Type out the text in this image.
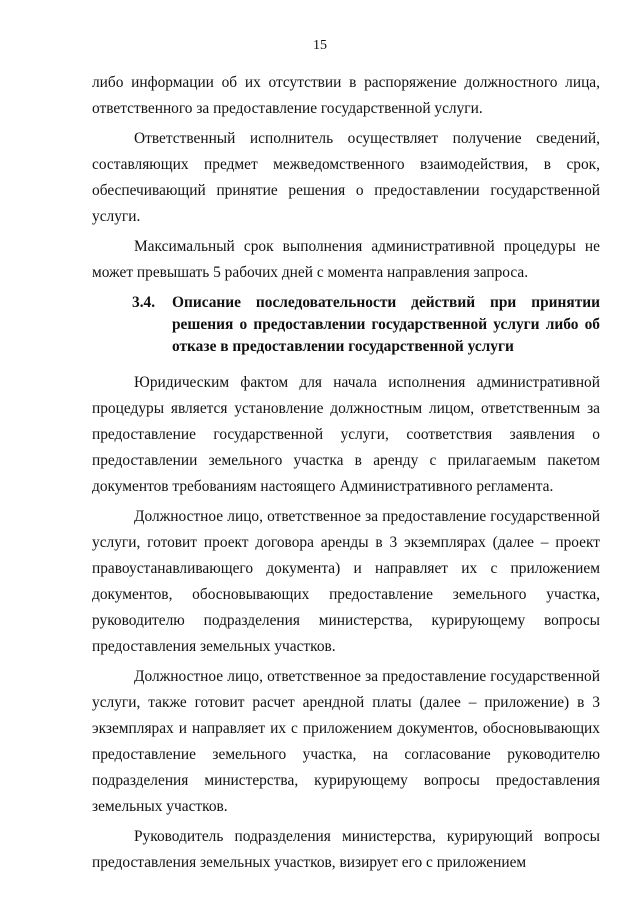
15

либо информации об их отсутствии в распоряжение должностного лица, ответственного за предоставление государственной услуги.

Ответственный исполнитель осуществляет получение сведений, составляющих предмет межведомственного взаимодействия, в срок, обеспечивающий принятие решения о предоставлении государственной услуги.

Максимальный срок выполнения административной процедуры не может превышать 5 рабочих дней с момента направления запроса.

3.4.	Описание последовательности действий при принятии решения о предоставлении государственной услуги либо об отказе в предоставлении государственной услуги

Юридическим фактом для начала исполнения административной процедуры является установление должностным лицом, ответственным за предоставление государственной услуги, соответствия заявления о предоставлении земельного участка в аренду с прилагаемым пакетом документов требованиям настоящего Административного регламента.

Должностное лицо, ответственное за предоставление государственной услуги, готовит проект договора аренды в 3 экземплярах (далее – проект правоустанавливающего документа) и направляет их с приложением документов, обосновывающих предоставление земельного участка, руководителю подразделения министерства, курирующему вопросы предоставления земельных участков.

Должностное лицо, ответственное за предоставление государственной услуги, также готовит расчет арендной платы (далее – приложение) в 3 экземплярах и направляет их с приложением документов, обосновывающих предоставление земельного участка, на согласование руководителю подразделения министерства, курирующему вопросы предоставления земельных участков.

Руководитель подразделения министерства, курирующий вопросы предоставления земельных участков, визирует его с приложением
